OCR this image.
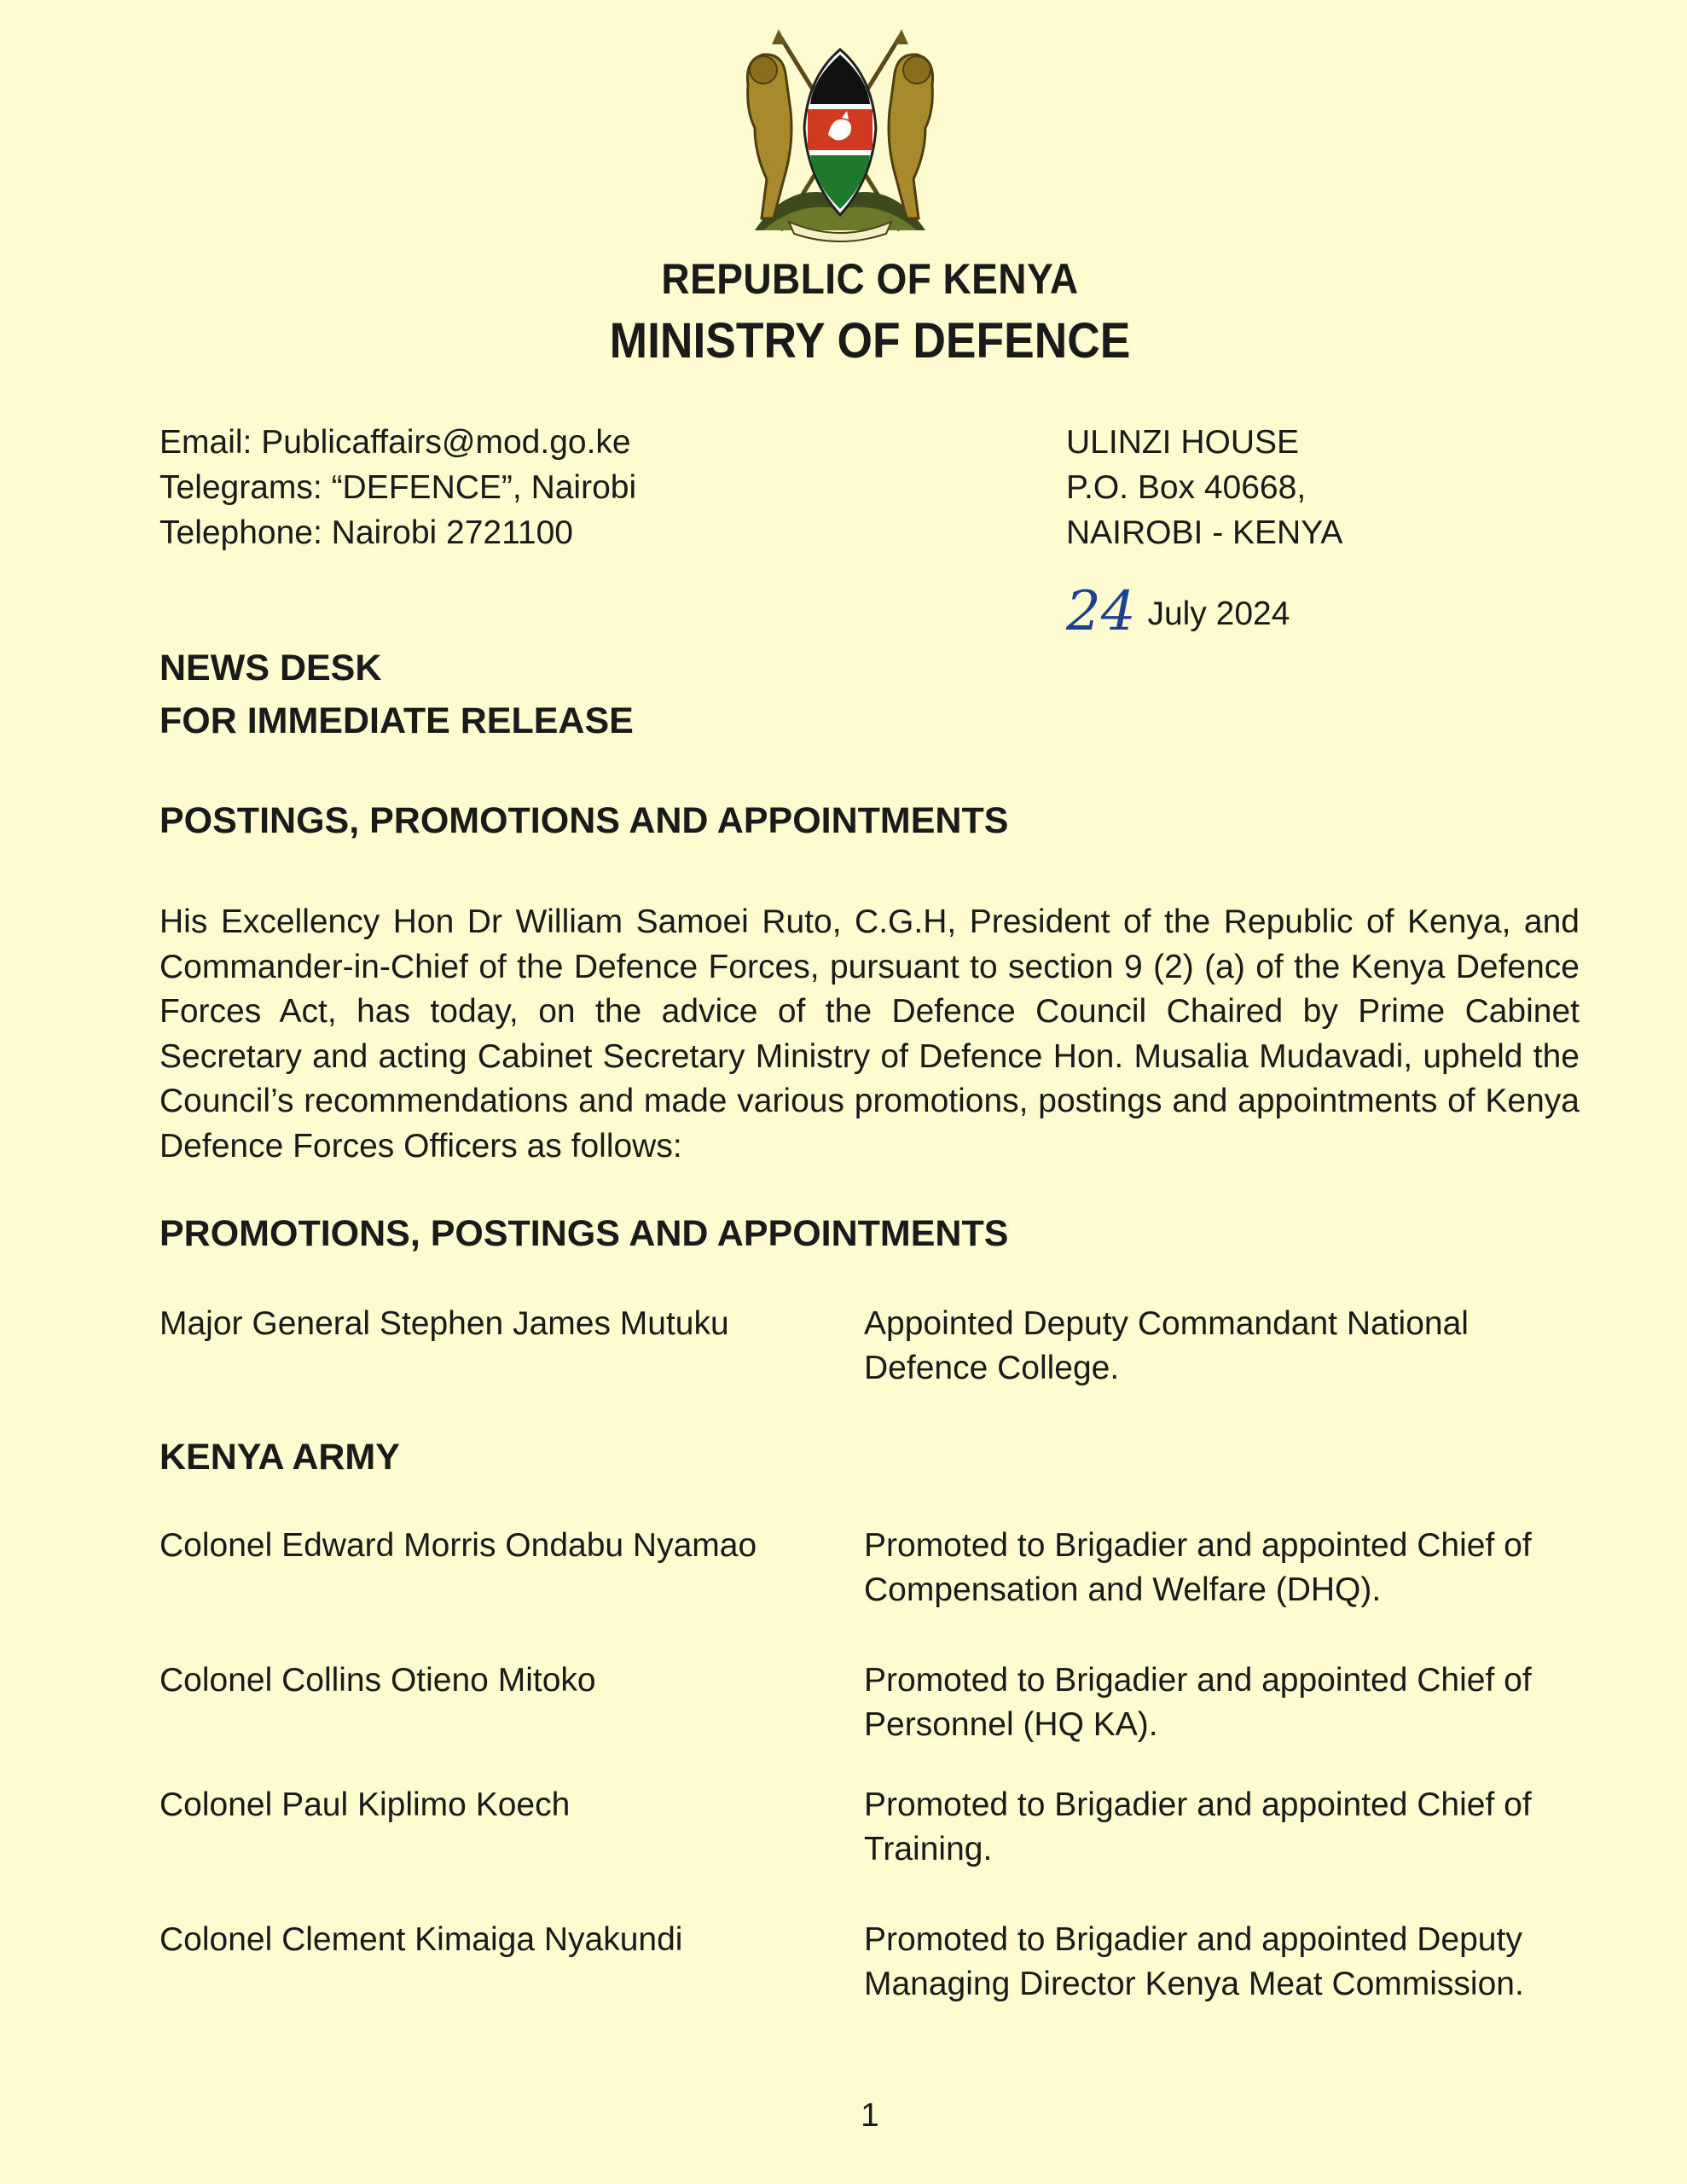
REPUBLIC OF KENYA
MINISTRY OF DEFENCE
Email: Publicaffairs@mod.go.ke
Telegrams: “DEFENCE”, Nairobi
Telephone: Nairobi 2721100
ULINZI HOUSE
P.O. Box 40668,
NAIROBI - KENYA
24 July 2024
NEWS DESK
FOR IMMEDIATE RELEASE
POSTINGS, PROMOTIONS AND APPOINTMENTS
His Excellency Hon Dr William Samoei Ruto, C.G.H, President of the Republic of Kenya, and Commander-in-Chief of the Defence Forces, pursuant to section 9 (2) (a) of the Kenya Defence Forces Act, has today, on the advice of the Defence Council Chaired by Prime Cabinet Secretary and acting Cabinet Secretary Ministry of Defence Hon. Musalia Mudavadi, upheld the Council’s recommendations and made various promotions, postings and appointments of Kenya Defence Forces Officers as follows:
PROMOTIONS, POSTINGS AND APPOINTMENTS
Major General Stephen James Mutuku	Appointed Deputy Commandant National Defence College.
KENYA ARMY
Colonel Edward Morris Ondabu Nyamao	Promoted to Brigadier and appointed Chief of Compensation and Welfare (DHQ).
Colonel Collins Otieno Mitoko	Promoted to Brigadier and appointed Chief of Personnel (HQ KA).
Colonel Paul Kiplimo Koech	Promoted to Brigadier and appointed Chief of Training.
Colonel Clement Kimaiga Nyakundi	Promoted to Brigadier and appointed Deputy Managing Director Kenya Meat Commission.
1
